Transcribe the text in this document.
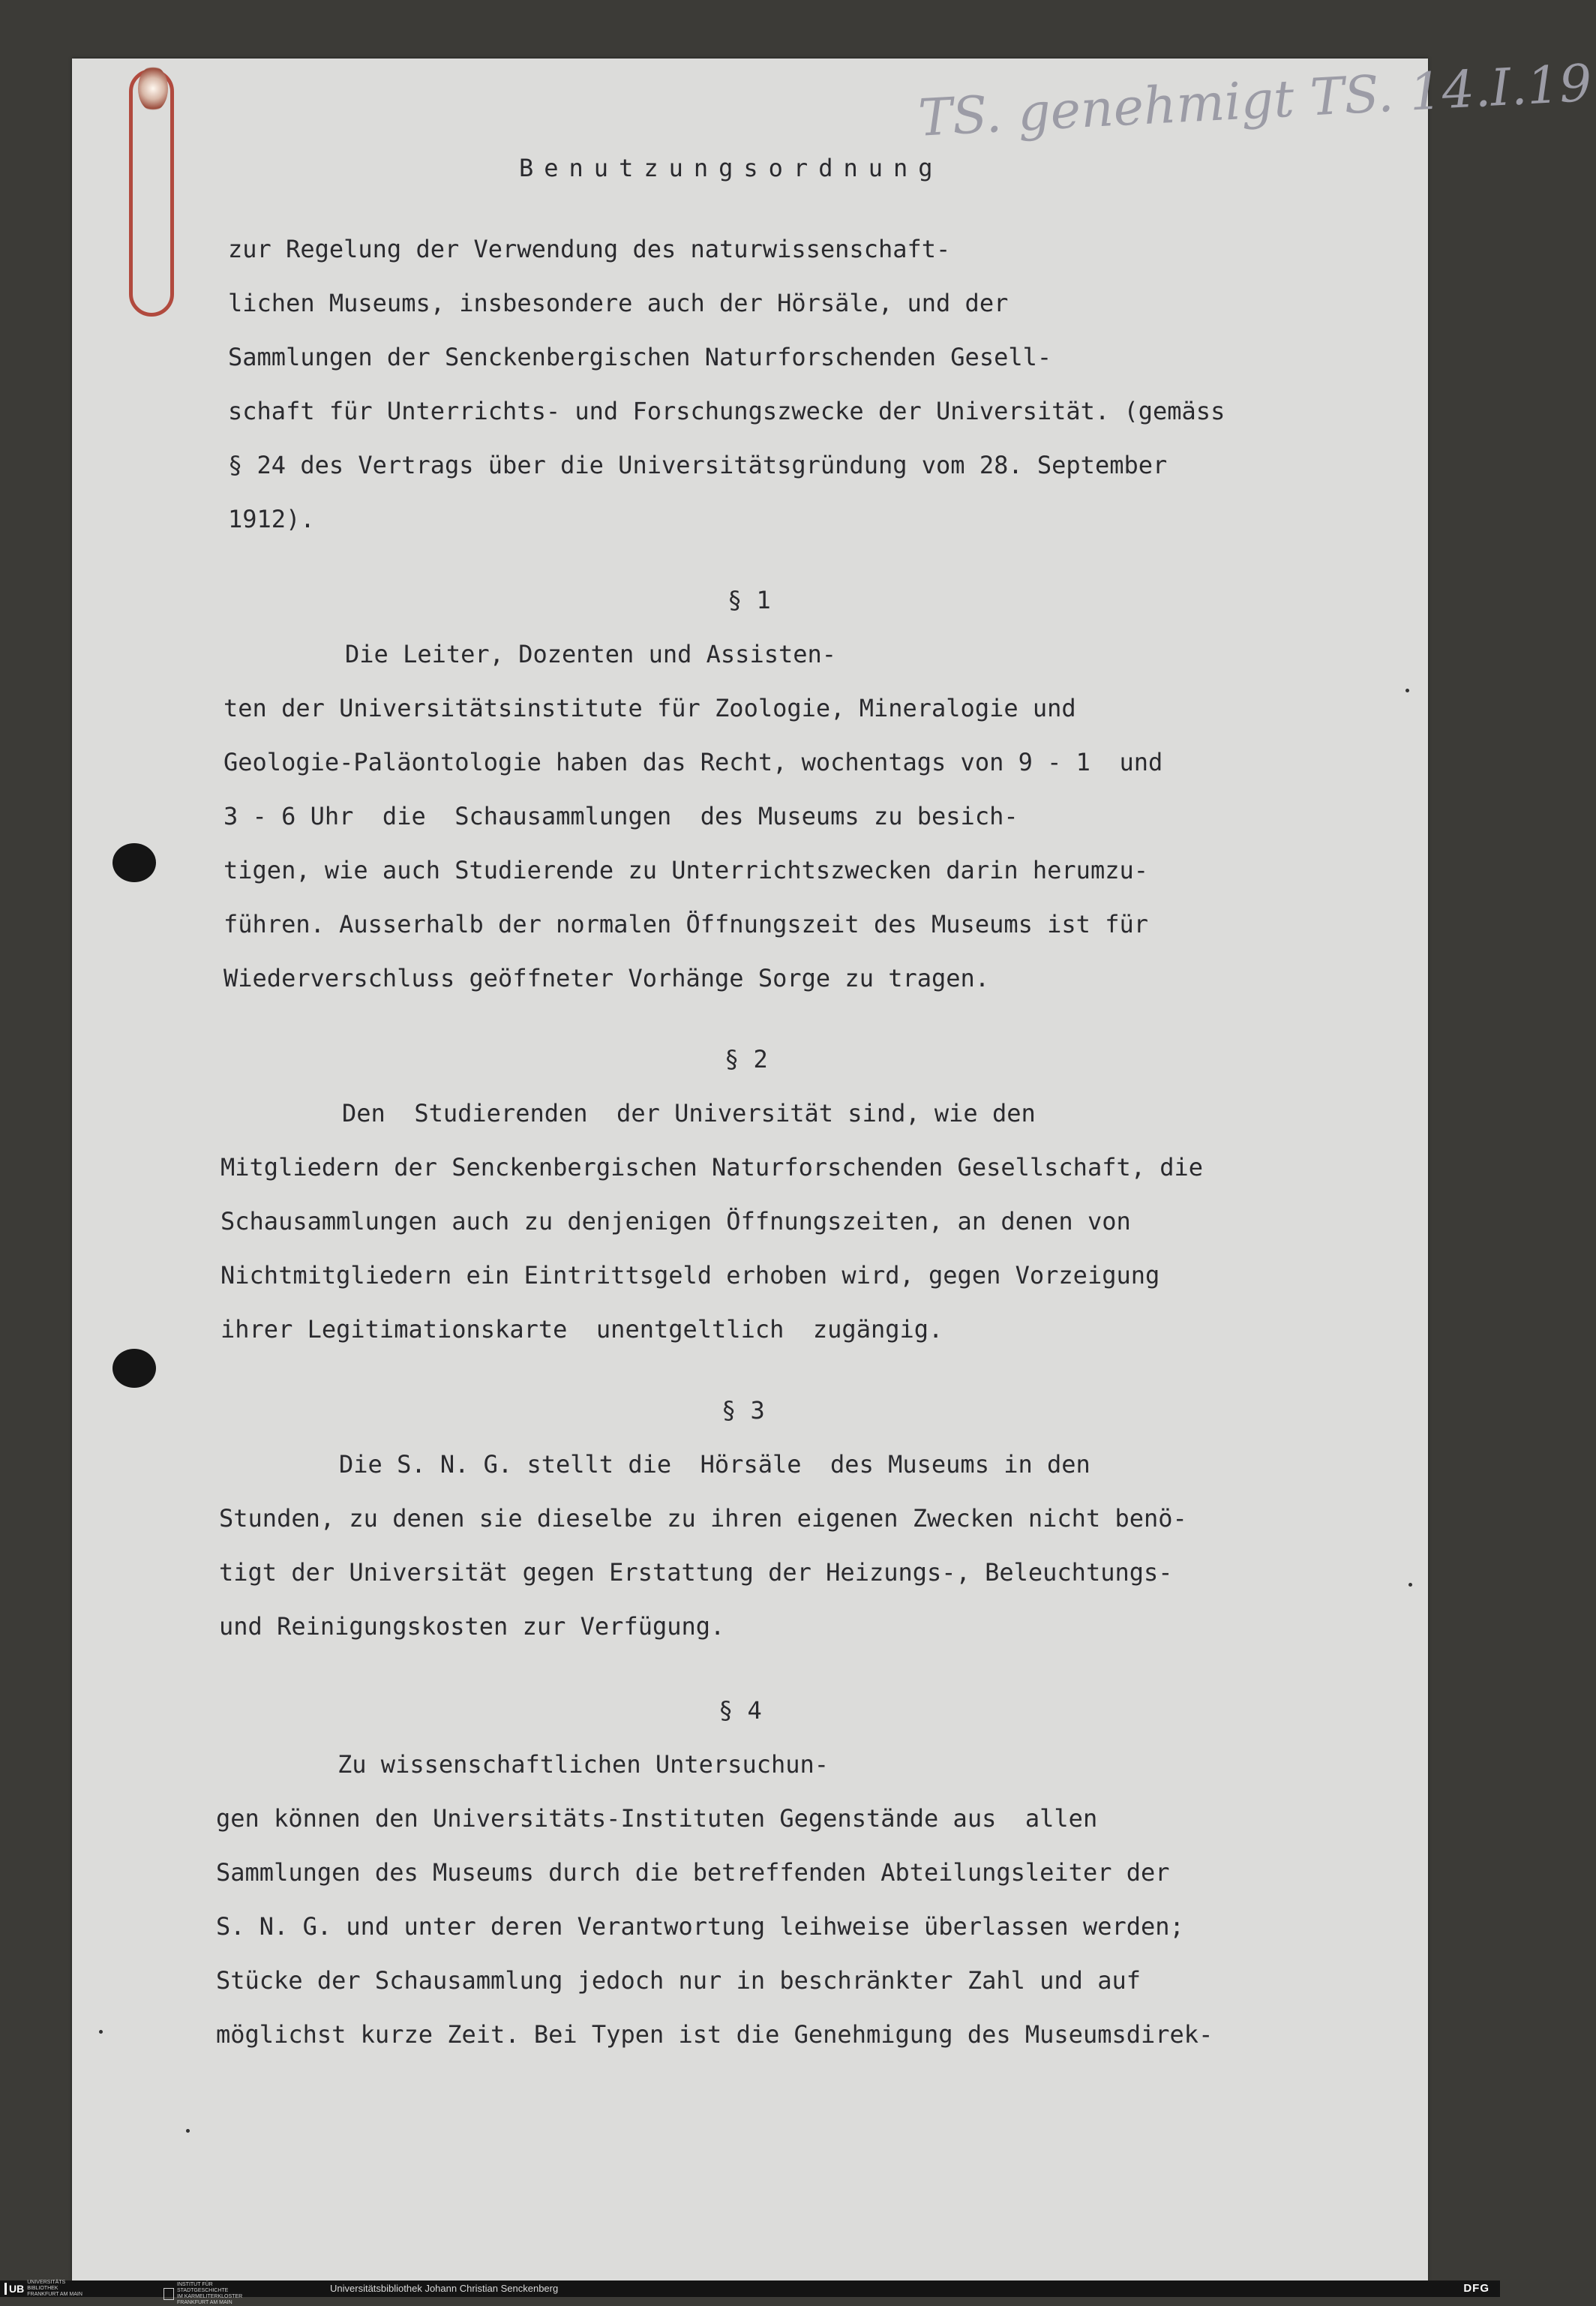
TS. genehmigt TS. 14.I.19
Benutzungsordnung
zur Regelung der Verwendung des naturwissenschaft-
lichen Museums, insbesondere auch der Hörsäle, und der
Sammlungen der Senckenbergischen Naturforschenden Gesell-
schaft für Unterrichts- und Forschungszwecke der Universität. (gemäss
§ 24 des Vertrags über die Universitätsgründung vom 28. September
1912).
§ 1
Die Leiter, Dozenten und Assisten-
ten der Universitätsinstitute für Zoologie, Mineralogie und
Geologie-Paläontologie haben das Recht, wochentags von 9 - 1  und
3 - 6 Uhr  die  Schausammlungen  des Museums zu besich-
tigen, wie auch Studierende zu Unterrichtszwecken darin herumzu-
führen. Ausserhalb der normalen Öffnungszeit des Museums ist für
Wiederverschluss geöffneter Vorhänge Sorge zu tragen.
§ 2
Den  Studierenden  der Universität sind, wie den
Mitgliedern der Senckenbergischen Naturforschenden Gesellschaft, die
Schausammlungen auch zu denjenigen Öffnungszeiten, an denen von
Nichtmitgliedern ein Eintrittsgeld erhoben wird, gegen Vorzeigung
ihrer Legitimationskarte  unentgeltlich  zugängig.
§ 3
Die S. N. G. stellt die  Hörsäle  des Museums in den
Stunden, zu denen sie dieselbe zu ihren eigenen Zwecken nicht benö-
tigt der Universität gegen Erstattung der Heizungs-, Beleuchtungs-
und Reinigungskosten zur Verfügung.
§ 4
Zu wissenschaftlichen Untersuchun-
gen können den Universitäts-Instituten Gegenstände aus  allen
Sammlungen des Museums durch die betreffenden Abteilungsleiter der
S. N. G. und unter deren Verantwortung leihweise überlassen werden;
Stücke der Schausammlung jedoch nur in beschränkter Zahl und auf
möglichst kurze Zeit. Bei Typen ist die Genehmigung des Museumsdirek-
UB
UNIVERSITÄTS
BIBLIOTHEK
FRANKFURT AM MAIN
INSTITUT FÜR
STADTGESCHICHTE
IM KARMELITERKLOSTER
FRANKFURT AM MAIN
Universitätsbibliothek Johann Christian Senckenberg	DFG
